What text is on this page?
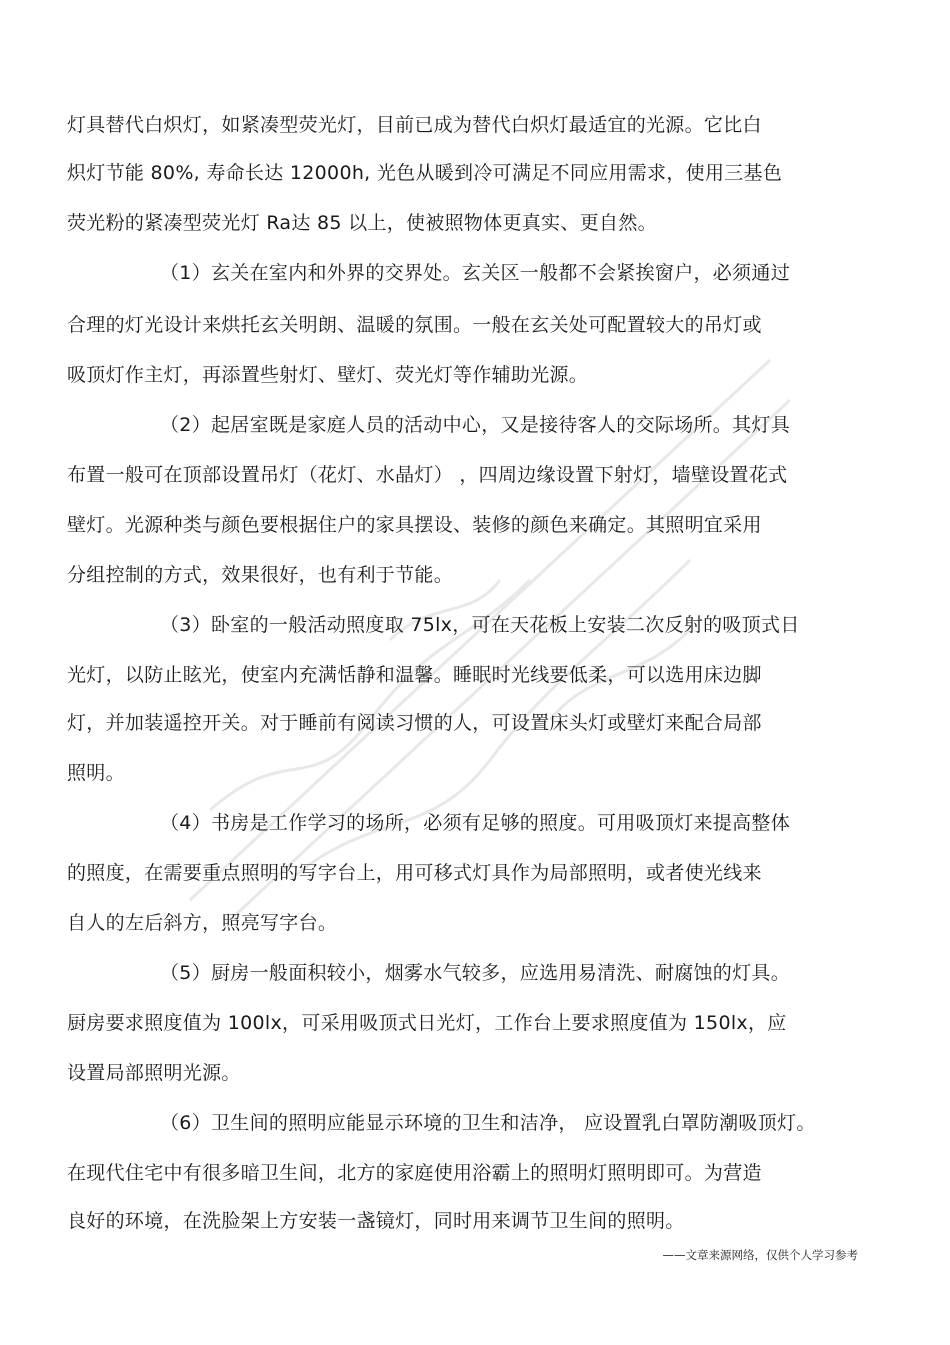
灯具替代白炽灯，如紧凑型荧光灯，目前已成为替代白炽灯最适宜的光源。它比白
炽灯节能 80%, 寿命长达 12000h, 光色从暖到冷可满足不同应用需求，使用三基色
荧光粉的紧凑型荧光灯 Ra达 85 以上，使被照物体更真实、更自然。
（1）玄关在室内和外界的交界处。玄关区一般都不会紧挨窗户，必须通过
合理的灯光设计来烘托玄关明朗、温暖的氛围。一般在玄关处可配置较大的吊灯或
吸顶灯作主灯，再添置些射灯、壁灯、荧光灯等作辅助光源。
（2）起居室既是家庭人员的活动中心，又是接待客人的交际场所。其灯具
布置一般可在顶部设置吊灯（花灯、水晶灯） ，四周边缘设置下射灯，墙壁设置花式
壁灯。光源种类与颜色要根据住户的家具摆设、装修的颜色来确定。其照明宜采用
分组控制的方式，效果很好，也有利于节能。
（3）卧室的一般活动照度取 75lx，可在天花板上安装二次反射的吸顶式日
光灯，以防止眩光，使室内充满恬静和温馨。睡眠时光线要低柔，可以选用床边脚
灯，并加装遥控开关。对于睡前有阅读习惯的人，可设置床头灯或壁灯来配合局部
照明。
（4）书房是工作学习的场所，必须有足够的照度。可用吸顶灯来提高整体
的照度，在需要重点照明的写字台上，用可移式灯具作为局部照明，或者使光线来
自人的左后斜方，照亮写字台。
（5）厨房一般面积较小，烟雾水气较多，应选用易清洗、耐腐蚀的灯具。
厨房要求照度值为 100lx，可采用吸顶式日光灯，工作台上要求照度值为 150lx，应
设置局部照明光源。
（6）卫生间的照明应能显示环境的卫生和洁净， 应设置乳白罩防潮吸顶灯。
在现代住宅中有很多暗卫生间，北方的家庭使用浴霸上的照明灯照明即可。为营造
良好的环境，在洗脸架上方安装一盏镜灯，同时用来调节卫生间的照明。
——文章来源网络，仅供个人学习参考
